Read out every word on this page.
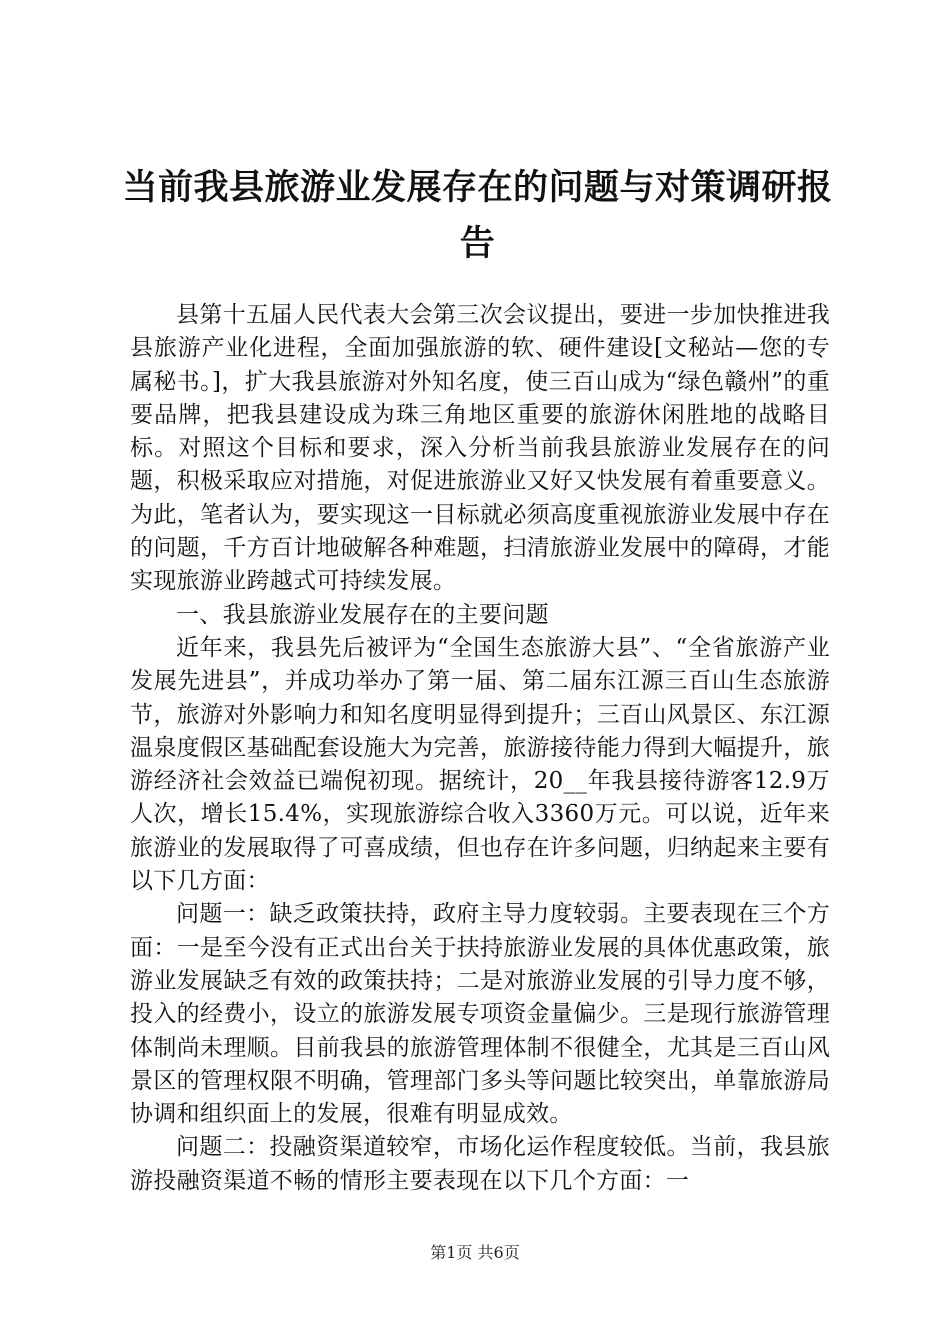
当前我县旅游业发展存在的问题与对策调研报告

县第十五届人民代表大会第三次会议提出，要进一步加快推进我县旅游产业化进程，全面加强旅游的软、硬件建设[文秘站—您的专属秘书。]，扩大我县旅游对外知名度，使三百山成为“绿色赣州”的重要品牌，把我县建设成为珠三角地区重要的旅游休闲胜地的战略目标。对照这个目标和要求，深入分析当前我县旅游业发展存在的问题，积极采取应对措施，对促进旅游业又好又快发展有着重要意义。为此，笔者认为，要实现这一目标就必须高度重视旅游业发展中存在的问题，千方百计地破解各种难题，扫清旅游业发展中的障碍，才能实现旅游业跨越式可持续发展。

一、我县旅游业发展存在的主要问题

近年来，我县先后被评为“全国生态旅游大县”、“全省旅游产业发展先进县”，并成功举办了第一届、第二届东江源三百山生态旅游节，旅游对外影响力和知名度明显得到提升；三百山风景区、东江源温泉度假区基础配套设施大为完善，旅游接待能力得到大幅提升，旅游经济社会效益已端倪初现。据统计，20__年我县接待游客12.9万人次，增长15.4%，实现旅游综合收入3360万元。可以说，近年来旅游业的发展取得了可喜成绩，但也存在许多问题，归纳起来主要有以下几方面：

问题一：缺乏政策扶持，政府主导力度较弱。主要表现在三个方面：一是至今没有正式出台关于扶持旅游业发展的具体优惠政策，旅游业发展缺乏有效的政策扶持；二是对旅游业发展的引导力度不够，投入的经费小，设立的旅游发展专项资金量偏少。三是现行旅游管理体制尚未理顺。目前我县的旅游管理体制不很健全，尤其是三百山风景区的管理权限不明确，管理部门多头等问题比较突出，单靠旅游局协调和组织面上的发展，很难有明显成效。

问题二：投融资渠道较窄，市场化运作程度较低。当前，我县旅游投融资渠道不畅的情形主要表现在以下几个方面：一

第1页 共6页
